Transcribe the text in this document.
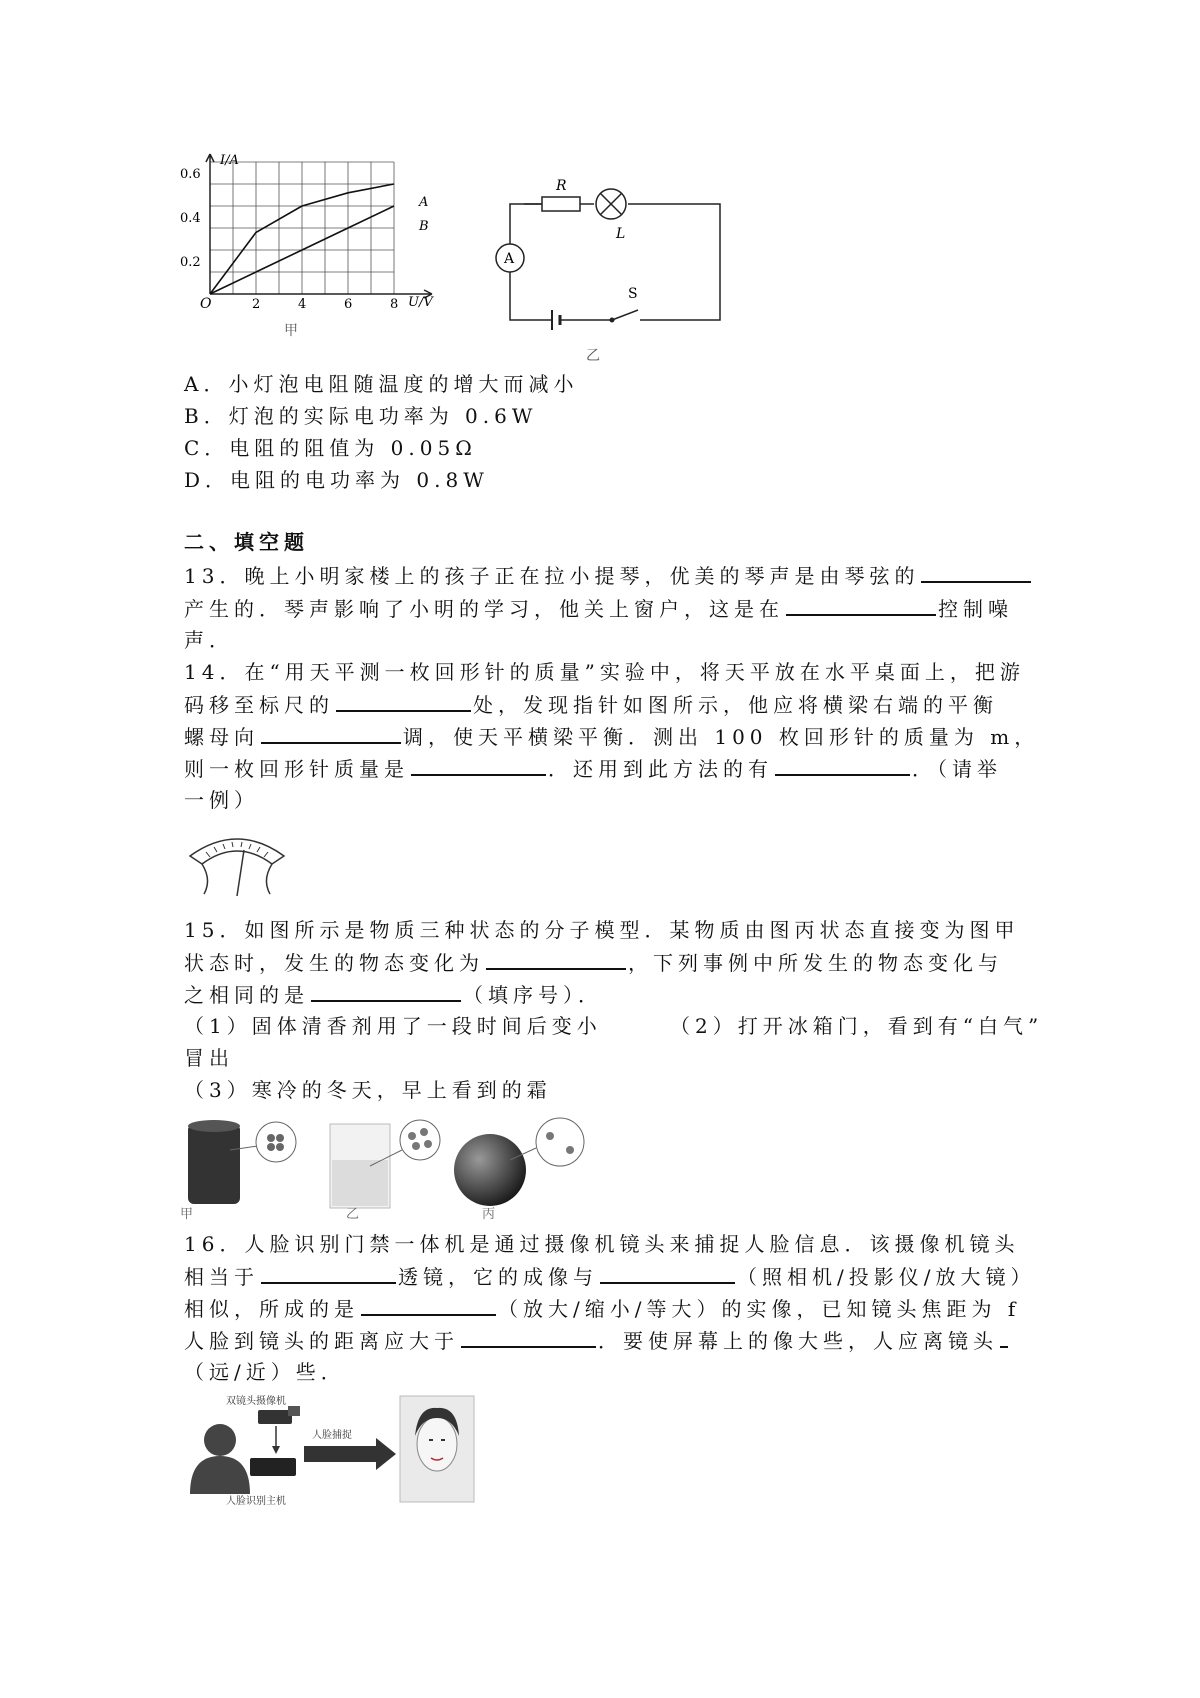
I/A
U/V
O
0.6
0.4
0.2
2	4	6	8
A
B
甲
A
R
L
S
乙
A．小灯泡电阻随温度的增大而减小
B．灯泡的实际电功率为 0.6W
C．电阻的阻值为 0.05Ω
D．电阻的电功率为 0.8W
二、填空题
13．晚上小明家楼上的孩子正在拉小提琴，优美的琴声是由琴弦的
产生的．琴声影响了小明的学习，他关上窗户，这是在	控制噪
声．
14．在“用天平测一枚回形针的质量”实验中，将天平放在水平桌面上，把游
码移至标尺的	处，发现指针如图所示，他应将横梁右端的平衡
螺母向	调，使天平横梁平衡．测出 100 枚回形针的质量为 m，
则一枚回形针质量是	．还用到此方法的有	．（请举
一例）
15．如图所示是物质三种状态的分子模型．某物质由图丙状态直接变为图甲
状态时，发生的物态变化为	，下列事例中所发生的物态变化与
之相同的是	（填序号）．
（1）固体清香剂用了一段时间后变小	（2）打开冰箱门，看到有“白气”
冒出
（3）寒冷的冬天，早上看到的霜
甲	乙	丙
16．人脸识别门禁一体机是通过摄像机镜头来捕捉人脸信息．该摄像机镜头
相当于	透镜，它的成像与	（照相机/投影仪/放大镜）
相似，所成的是	（放大/缩小/等大）的实像，已知镜头焦距为 f
人脸到镜头的距离应大于	．要使屏幕上的像大些，人应离镜头
（远/近）些．
双镜头摄像机
人脸捕捉
人脸识别主机
